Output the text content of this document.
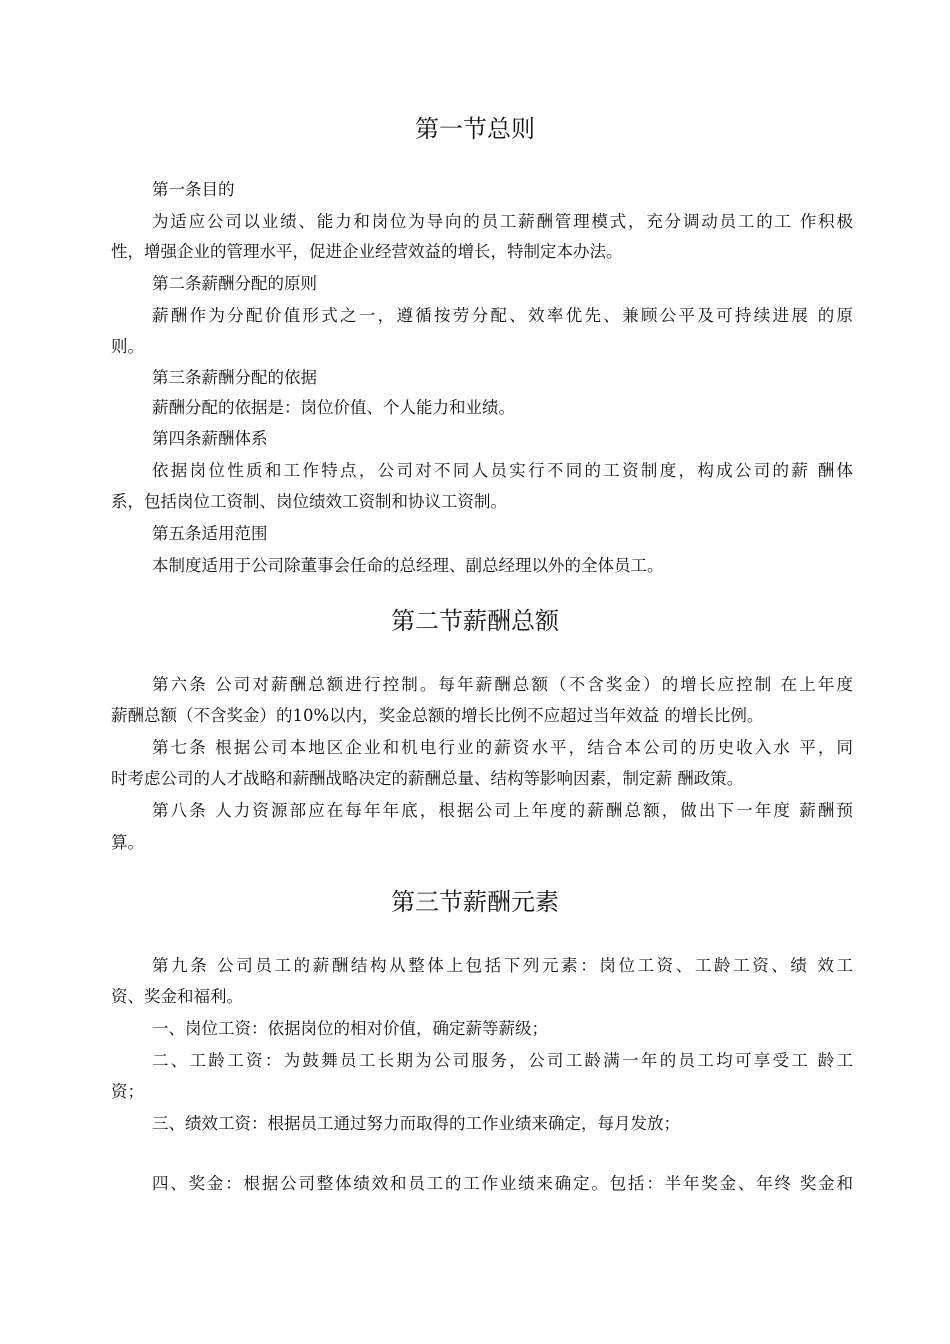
第一节总则
第一条目的
为适应公司以业绩、能力和岗位为导向的员工薪酬管理模式，充分调动员工的工 作积极
性，增强企业的管理水平，促进企业经营效益的增长，特制定本办法。
第二条薪酬分配的原则
薪酬作为分配价值形式之一，遵循按劳分配、效率优先、兼顾公平及可持续进展 的原
则。
第三条薪酬分配的依据
薪酬分配的依据是：岗位价值、个人能力和业绩。
第四条薪酬体系
依据岗位性质和工作特点，公司对不同人员实行不同的工资制度，构成公司的薪 酬体
系，包括岗位工资制、岗位绩效工资制和协议工资制。
第五条适用范围
本制度适用于公司除董事会任命的总经理、副总经理以外的全体员工。
第二节薪酬总额
第六条 公司对薪酬总额进行控制。每年薪酬总额（不含奖金）的增长应控制 在上年度
薪酬总额（不含奖金）的10%以内，奖金总额的增长比例不应超过当年效益 的增长比例。
第七条 根据公司本地区企业和机电行业的薪资水平，结合本公司的历史收入水 平，同
时考虑公司的人才战略和薪酬战略决定的薪酬总量、结构等影响因素，制定薪 酬政策。
第八条 人力资源部应在每年年底，根据公司上年度的薪酬总额，做出下一年度 薪酬预
算。
第三节薪酬元素
第九条 公司员工的薪酬结构从整体上包括下列元素：岗位工资、工龄工资、绩 效工
资、奖金和福利。
一、岗位工资：依据岗位的相对价值，确定薪等薪级；
二、工龄工资：为鼓舞员工长期为公司服务，公司工龄满一年的员工均可享受工 龄工
资；
三、绩效工资：根据员工通过努力而取得的工作业绩来确定，每月发放；
四、奖金：根据公司整体绩效和员工的工作业绩来确定。包括：半年奖金、年终 奖金和
